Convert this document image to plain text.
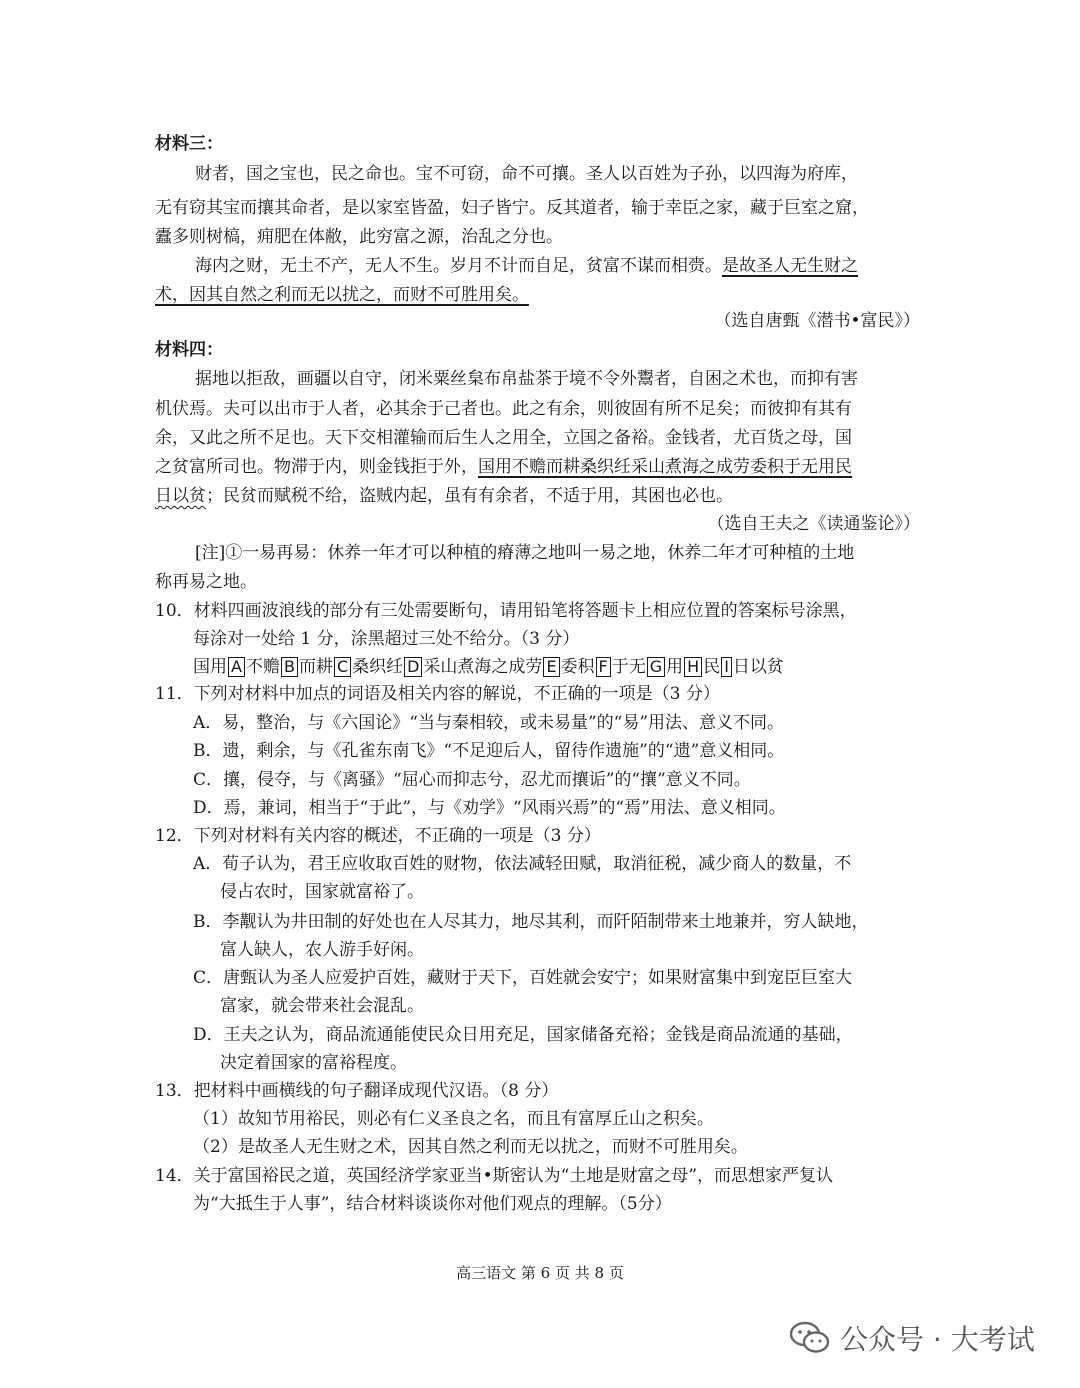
材料三：
财者，国之宝也，民之命也。宝不可窃，命不可攘。圣人以百姓为子孙，以四海为府库，
无有窃其宝而攘其命者，是以家室皆盈，妇子皆宁。反其道者，输于幸臣之家，藏于巨室之窟，
蠹多则树槁，痈肥在体敝，此穷富之源，治乱之分也。
海内之财，无土不产，无人不生。岁月不计而自足，贫富不谋而相赍。是故圣人无生财之
术，因其自然之利而无以扰之，而财不可胜用矣。
（选自唐甄《潜书•富民》）
材料四：
据地以拒敌，画疆以自守，闭米粟丝枲布帛盐茶于境不令外鬻者，自困之术也，而抑有害
机伏焉。夫可以出市于人者，必其余于己者也。此之有余，则彼固有所不足矣；而彼抑有其有
余，又此之所不足也。天下交相灌输而后生人之用全，立国之备裕。金钱者，尤百货之母，国
之贫富所司也。物滞于内，则金钱拒于外，国用不赡而耕桑织纴采山煮海之成劳委积于无用民
日以贫；民贫而赋税不给，盗贼内起，虽有有余者，不适于用，其困也必也。
（选自王夫之《读通鉴论》）
[注]①一易再易：休养一年才可以种植的瘠薄之地叫一易之地，休养二年才可种植的土地
称再易之地。
10．材料四画波浪线的部分有三处需要断句，请用铅笔将答题卡上相应位置的答案标号涂黑，
每涂对一处给 1 分，涂黑超过三处不给分。（3 分）
国用 A 不赡 B 而耕 C 桑织纴 D 采山煮海之成劳 E 委积 F 于无 G 用 H 民 I 日以贫
11．下列对材料中加点的词语及相关内容的解说，不正确的一项是（3 分）
A．易，整治，与《六国论》“当与秦相较，或未易量”的“易”用法、意义不同。
B．遗，剩余，与《孔雀东南飞》“不足迎后人，留待作遗施”的“遗”意义相同。
C．攘，侵夺，与《离骚》“屈心而抑志兮，忍尤而攘诟”的“攘”意义不同。
D．焉，兼词，相当于“于此”，与《劝学》“风雨兴焉”的“焉”用法、意义相同。
12．下列对材料有关内容的概述，不正确的一项是（3 分）
A．荀子认为，君王应收取百姓的财物，依法减轻田赋，取消征税，减少商人的数量，不
侵占农时，国家就富裕了。
B．李觏认为井田制的好处也在人尽其力，地尽其利，而阡陌制带来土地兼并，穷人缺地，
富人缺人，农人游手好闲。
C．唐甄认为圣人应爱护百姓，藏财于天下，百姓就会安宁；如果财富集中到宠臣巨室大
富家，就会带来社会混乱。
D．王夫之认为，商品流通能使民众日用充足，国家储备充裕；金钱是商品流通的基础，
决定着国家的富裕程度。
13．把材料中画横线的句子翻译成现代汉语。（8 分）
（1）故知节用裕民，则必有仁义圣良之名，而且有富厚丘山之积矣。
（2）是故圣人无生财之术，因其自然之利而无以扰之，而财不可胜用矣。
14．关于富国裕民之道，英国经济学家亚当•斯密认为“土地是财富之母”，而思想家严复认
为“大抵生于人事”，结合材料谈谈你对他们观点的理解。（5分）
高三语文 第 6 页 共 8 页
公众号 · 大考试
